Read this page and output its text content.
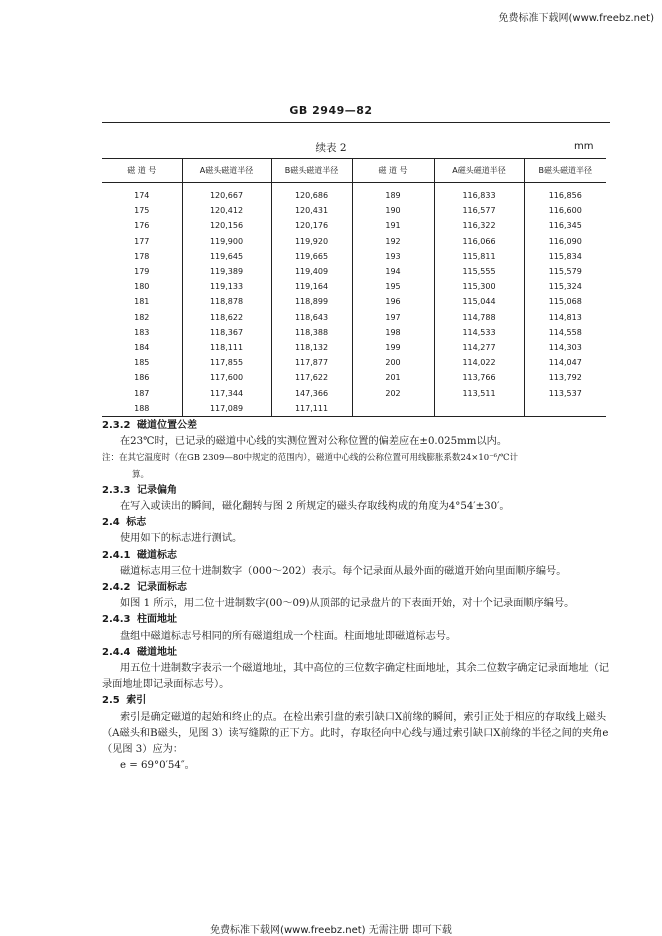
免费标准下载网(www.freebz.net)
GB 2949—82
续表 2	mm
磁 道 号	A磁头磁道半径	B磁头磁道半径	磁 道 号	A磁头磁道半径	B磁头磁道半径
174	120,667	120,686	189	116,833	116,856
175	120,412	120,431	190	116,577	116,600
176	120,156	120,176	191	116,322	116,345
177	119,900	119,920	192	116,066	116,090
178	119,645	119,665	193	115,811	115,834
179	119,389	119,409	194	115,555	115,579
180	119,133	119,164	195	115,300	115,324
181	118,878	118,899	196	115,044	115,068
182	118,622	118,643	197	114,788	114,813
183	118,367	118,388	198	114,533	114,558
184	118,111	118,132	199	114,277	114,303
185	117,855	117,877	200	114,022	114,047
186	117,600	117,622	201	113,766	113,792
187	117,344	147,366	202	113,511	113,537
188	117,089	117,111			

2.3.2 磁道位置公差

在23℃时，已记录的磁道中心线的实测位置对公称位置的偏差应在±0.025mm以内。

注：在其它温度时（在GB 2309—80中规定的范围内），磁道中心线的公称位置可用线膨胀系数24×10⁻⁶/℃计

算。

2.3.3 记录偏角

在写入或读出的瞬间，磁化翻转与图 2 所规定的磁头存取线构成的角度为4°54′±30′。

2.4 标志

使用如下的标志进行测试。

2.4.1 磁道标志

磁道标志用三位十进制数字（000～202）表示。每个记录面从最外面的磁道开始向里面顺序编号。

2.4.2 记录面标志

如图 1 所示，用二位十进制数字(00～09)从顶部的记录盘片的下表面开始，对十个记录面顺序编号。

2.4.3 柱面地址

盘组中磁道标志号相同的所有磁道组成一个柱面。柱面地址即磁道标志号。

2.4.4 磁道地址

用五位十进制数字表示一个磁道地址，其中高位的三位数字确定柱面地址，其余二位数字确定记录面地址（记录面地址即记录面标志号）。

2.5 索引

索引是确定磁道的起始和终止的点。在检出索引盘的索引缺口X前缘的瞬间，索引正处于相应的存取线上磁头（A磁头和B磁头，见图 3）读写缝隙的正下方。此时，存取径向中心线与通过索引缺口X前缘的半径之间的夹角e（见图 3）应为：

e = 69°0′54″。

免费标准下载网(www.freebz.net) 无需注册 即可下载
